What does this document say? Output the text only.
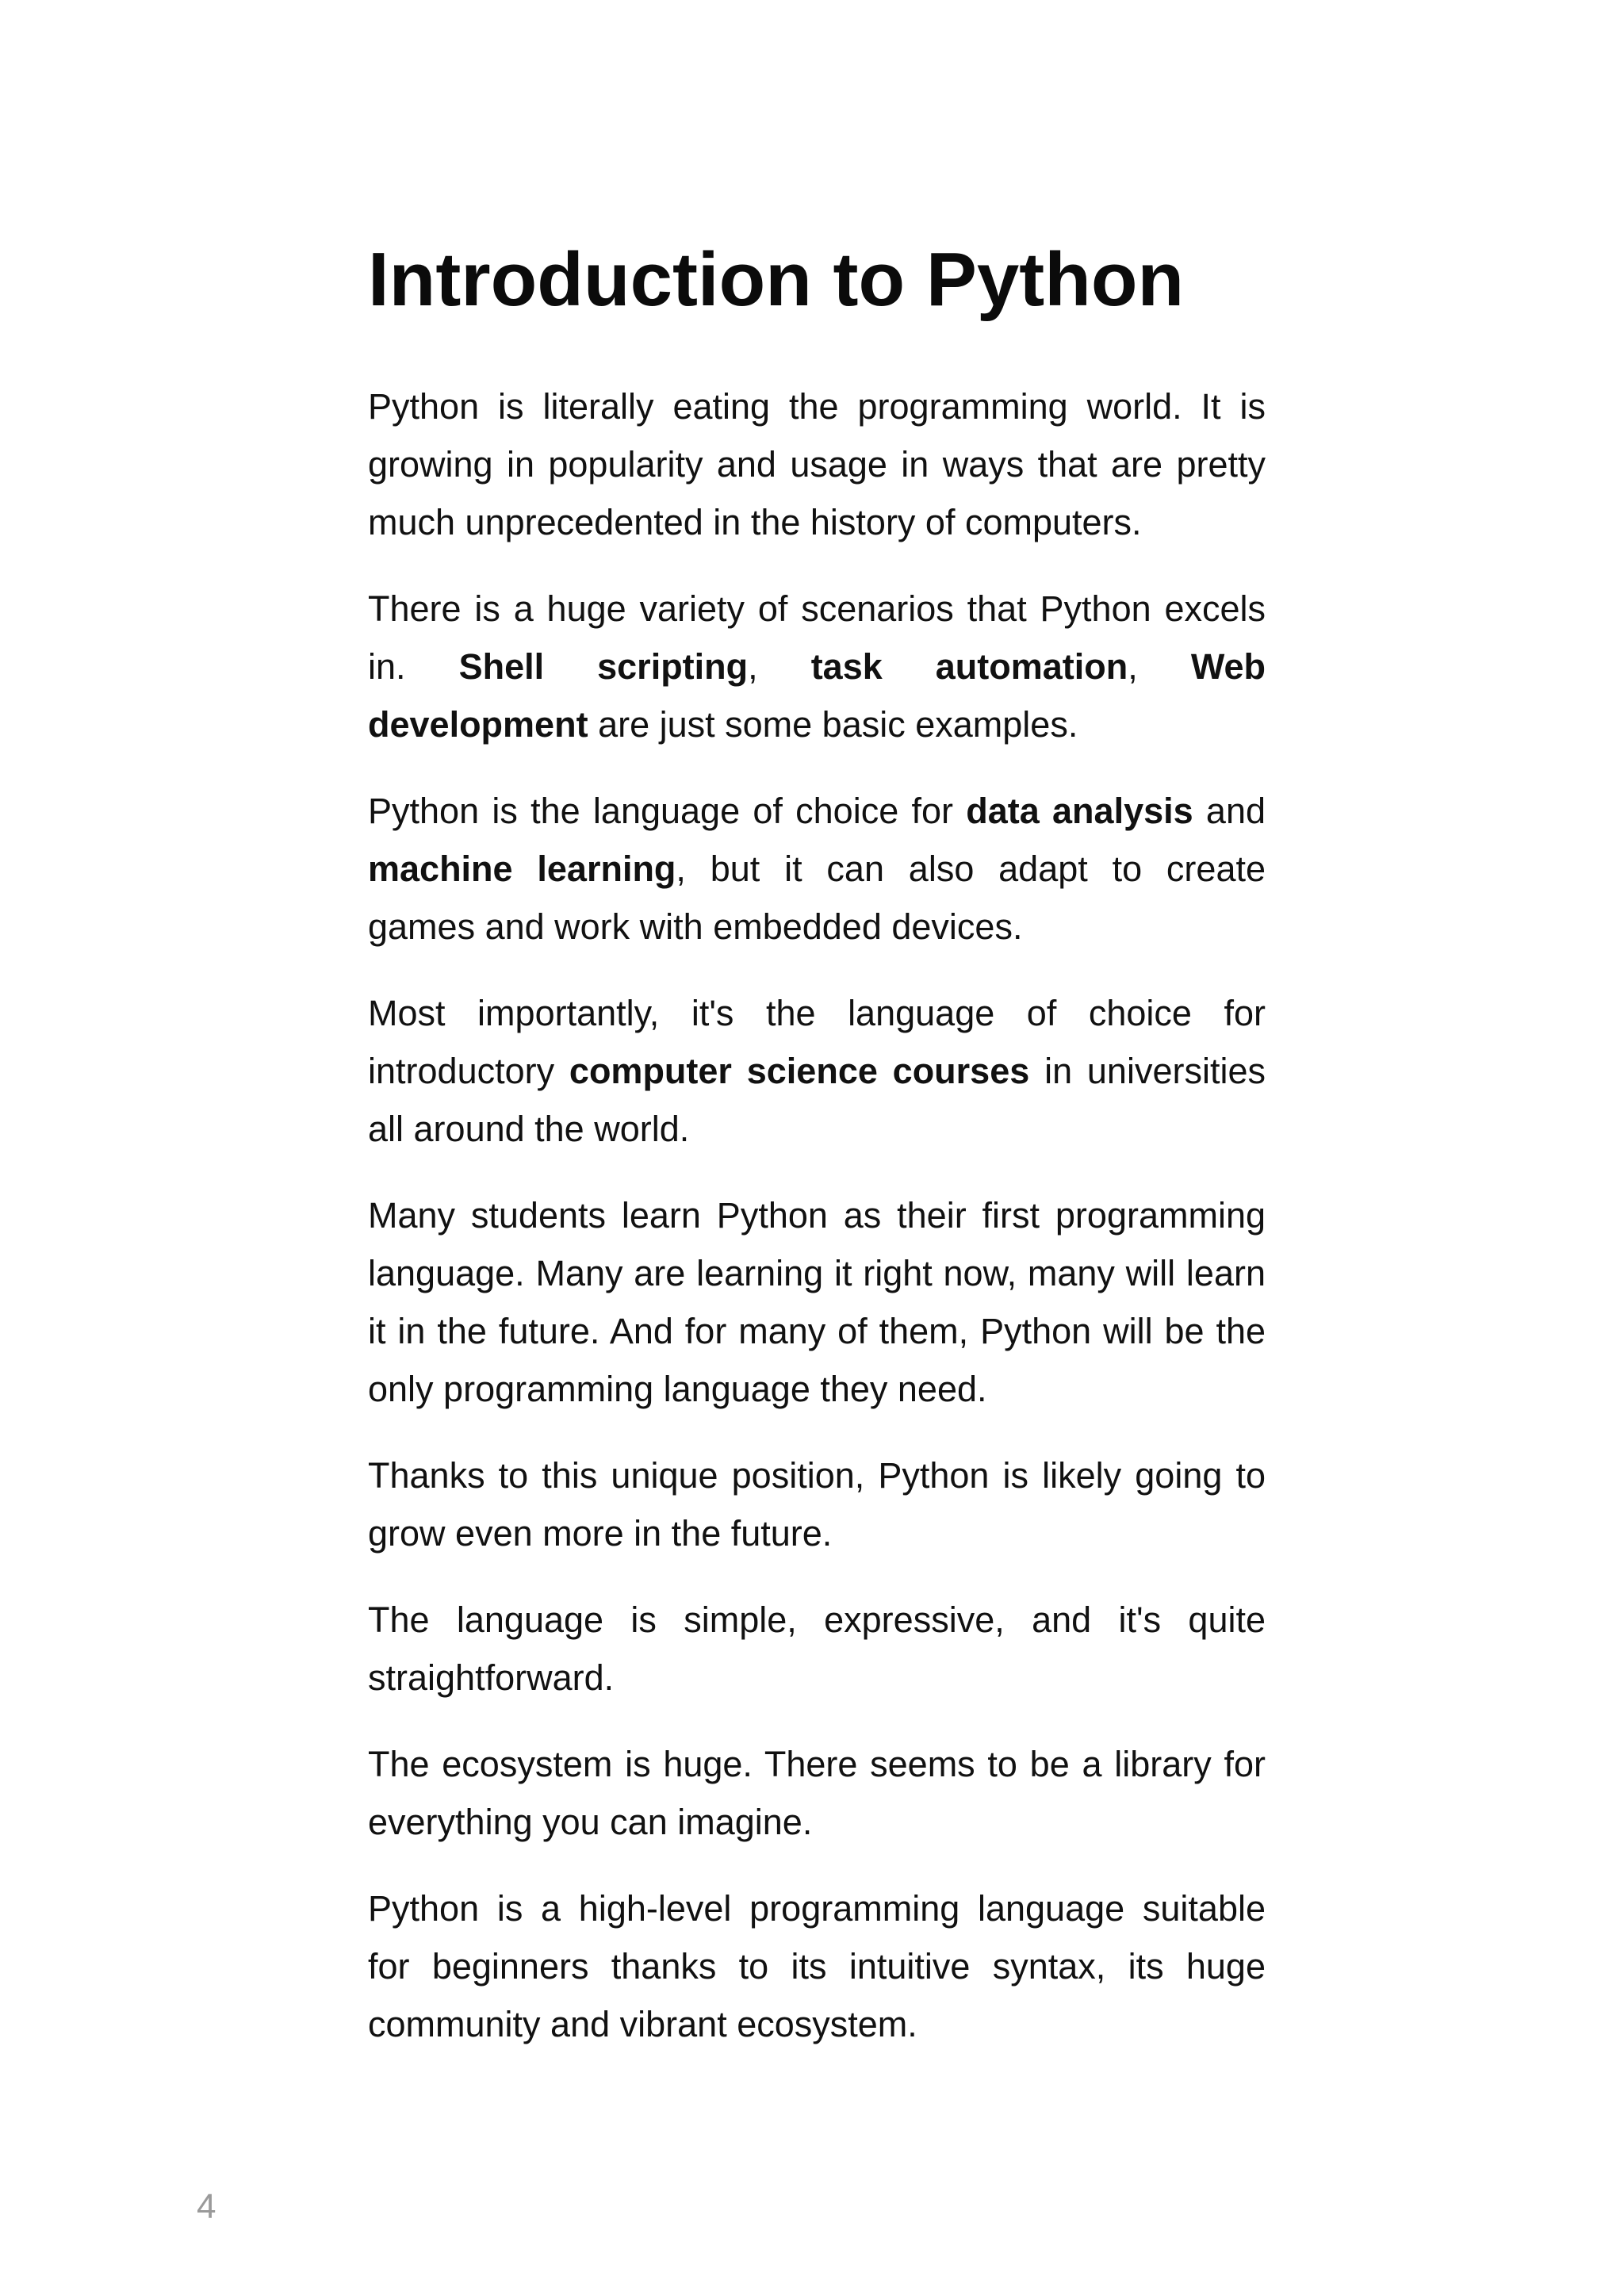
Introduction to Python

Python is literally eating the programming world. It is growing in popularity and usage in ways that are pretty much unprecedented in the history of computers.

There is a huge variety of scenarios that Python excels in. Shell scripting, task automation, Web development are just some basic examples.

Python is the language of choice for data analysis and machine learning, but it can also adapt to create games and work with embedded devices.

Most importantly, it's the language of choice for introductory computer science courses in universities all around the world.

Many students learn Python as their first programming language. Many are learning it right now, many will learn it in the future. And for many of them, Python will be the only programming language they need.

Thanks to this unique position, Python is likely going to grow even more in the future.

The language is simple, expressive, and it's quite straightforward.

The ecosystem is huge. There seems to be a library for everything you can imagine.

Python is a high-level programming language suitable for beginners thanks to its intuitive syntax, its huge community and vibrant ecosystem.

4
